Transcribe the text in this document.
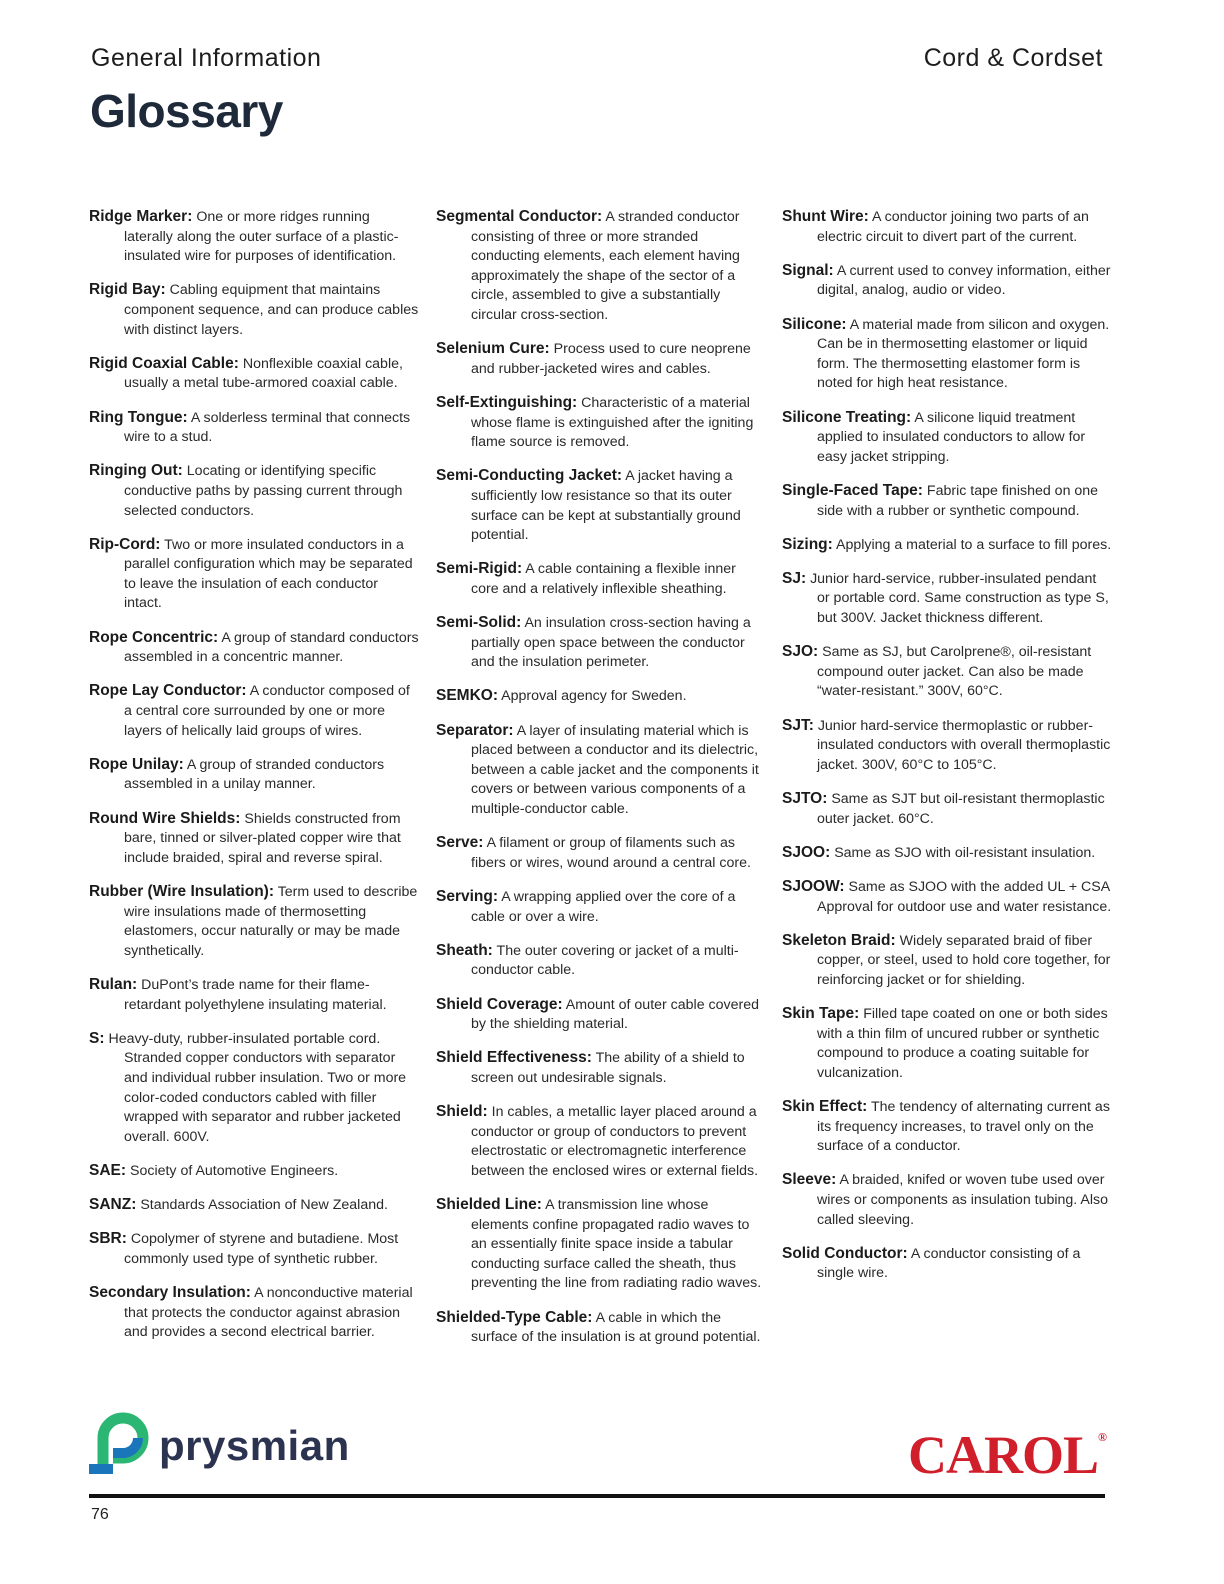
General Information	Cord & Cordset
Glossary

Ridge Marker: One or more ridges running laterally along the outer surface of a plastic-insulated wire for purposes of identification.

Rigid Bay: Cabling equipment that maintains component sequence, and can produce cables with distinct layers.

Rigid Coaxial Cable: Nonflexible coaxial cable, usually a metal tube-armored coaxial cable.

Ring Tongue: A solderless terminal that connects wire to a stud.

Ringing Out: Locating or identifying specific conductive paths by passing current through selected conductors.

Rip-Cord: Two or more insulated conductors in a parallel configuration which may be separated to leave the insulation of each conductor intact.

Rope Concentric: A group of standard conductors assembled in a concentric manner.

Rope Lay Conductor: A conductor composed of a central core surrounded by one or more layers of helically laid groups of wires.

Rope Unilay: A group of stranded conductors assembled in a unilay manner.

Round Wire Shields: Shields constructed from bare, tinned or silver-plated copper wire that include braided, spiral and reverse spiral.

Rubber (Wire Insulation): Term used to describe wire insulations made of thermosetting elastomers, occur naturally or may be made synthetically.

Rulan: DuPont’s trade name for their flame-retardant polyethylene insulating material.

S: Heavy-duty, rubber-insulated portable cord. Stranded copper conductors with separator and individual rubber insulation. Two or more color-coded conductors cabled with filler wrapped with separator and rubber jacketed overall. 600V.

SAE: Society of Automotive Engineers.

SANZ: Standards Association of New Zealand.

SBR: Copolymer of styrene and butadiene. Most commonly used type of synthetic rubber.

Secondary Insulation: A nonconductive material that protects the conductor against abrasion and provides a second electrical barrier.

Segmental Conductor: A stranded conductor consisting of three or more stranded conducting elements, each element having approximately the shape of the sector of a circle, assembled to give a substantially circular cross-section.

Selenium Cure: Process used to cure neoprene and rubber-jacketed wires and cables.

Self-Extinguishing: Characteristic of a material whose flame is extinguished after the igniting flame source is removed.

Semi-Conducting Jacket: A jacket having a sufficiently low resistance so that its outer surface can be kept at substantially ground potential.

Semi-Rigid: A cable containing a flexible inner core and a relatively inflexible sheathing.

Semi-Solid: An insulation cross-section having a partially open space between the conductor and the insulation perimeter.

SEMKO: Approval agency for Sweden.

Separator: A layer of insulating material which is placed between a conductor and its dielectric, between a cable jacket and the components it covers or between various components of a multiple-conductor cable.

Serve: A filament or group of filaments such as fibers or wires, wound around a central core.

Serving: A wrapping applied over the core of a cable or over a wire.

Sheath: The outer covering or jacket of a multi-conductor cable.

Shield Coverage: Amount of outer cable covered by the shielding material.

Shield Effectiveness: The ability of a shield to screen out undesirable signals.

Shield: In cables, a metallic layer placed around a conductor or group of conductors to prevent electrostatic or electromagnetic interference between the enclosed wires or external fields.

Shielded Line: A transmission line whose elements confine propagated radio waves to an essentially finite space inside a tabular conducting surface called the sheath, thus preventing the line from radiating radio waves.

Shielded-Type Cable: A cable in which the surface of the insulation is at ground potential.

Shunt Wire: A conductor joining two parts of an electric circuit to divert part of the current.

Signal: A current used to convey information, either digital, analog, audio or video.

Silicone: A material made from silicon and oxygen. Can be in thermosetting elastomer or liquid form. The thermosetting elastomer form is noted for high heat resistance.

Silicone Treating: A silicone liquid treatment applied to insulated conductors to allow for easy jacket stripping.

Single-Faced Tape: Fabric tape finished on one side with a rubber or synthetic compound.

Sizing: Applying a material to a surface to fill pores.

SJ: Junior hard-service, rubber-insulated pendant or portable cord. Same construction as type S, but 300V. Jacket thickness different.

SJO: Same as SJ, but Carolprene®, oil-resistant compound outer jacket. Can also be made “water-resistant.” 300V, 60°C.

SJT: Junior hard-service thermoplastic or rubber- insulated conductors with overall thermoplastic jacket. 300V, 60°C to 105°C.

SJTO: Same as SJT but oil-resistant thermoplastic outer jacket. 60°C.

SJOO: Same as SJO with oil-resistant insulation.

SJOOW: Same as SJOO with the added UL + CSA Approval for outdoor use and water resistance.

Skeleton Braid: Widely separated braid of fiber copper, or steel, used to hold core together, for reinforcing jacket or for shielding.

Skin Tape: Filled tape coated on one or both sides with a thin film of uncured rubber or synthetic compound to produce a coating suitable for vulcanization.

Skin Effect: The tendency of alternating current as its frequency increases, to travel only on the surface of a conductor.

Sleeve: A braided, knifed or woven tube used over wires or components as insulation tubing. Also called sleeving.

Solid Conductor: A conductor consisting of a single wire.

prysmian	CAROL®
76
